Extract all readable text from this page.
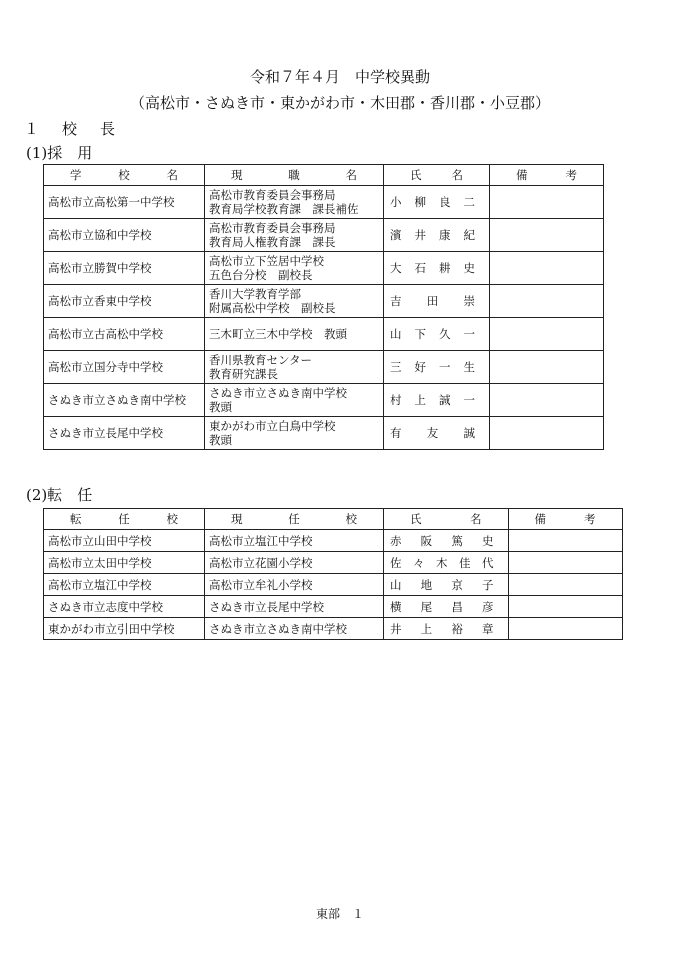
令和７年４月　中学校異動
（高松市・さぬき市・東かがわ市・木田郡・香川郡・小豆郡）
１　校　長
(1)採　用
学 校 名	現 職 名	氏 名	備 考

高松市立高松第一中学校	高松市教育委員会事務局
教育局学校教育課　課長補佐	小　柳　良　二	
高松市立協和中学校	高松市教育委員会事務局
教育局人権教育課　課長	濱　井　康　紀	
高松市立勝賀中学校	高松市立下笠居中学校
五色台分校　副校長	大　石　耕　史	
高松市立香東中学校	香川大学教育学部
附属高松中学校　副校長	吉　田　崇	
高松市立古高松中学校	三木町立三木中学校　教頭	山　下　久　一	
高松市立国分寺中学校	香川県教育センター
教育研究課長	三　好　一　生	
さぬき市立さぬき南中学校	さぬき市立さぬき南中学校
教頭	村　上　誠　一	
さぬき市立長尾中学校	東かがわ市立白鳥中学校
教頭	有　友　誠	
(2)転　任
転 任 校	現 任 校	氏 名	備 考

高松市立山田中学校	高松市立塩江中学校	赤　阪　篤　史	
高松市立太田中学校	高松市立花園小学校	佐　々　木　佳　代	
高松市立塩江中学校	高松市立牟礼小学校	山　地　京　子	
さぬき市立志度中学校	さぬき市立長尾中学校	横　尾　昌　彦	
東かがわ市立引田中学校	さぬき市立さぬき南中学校	井　上　裕　章	
東部　１
